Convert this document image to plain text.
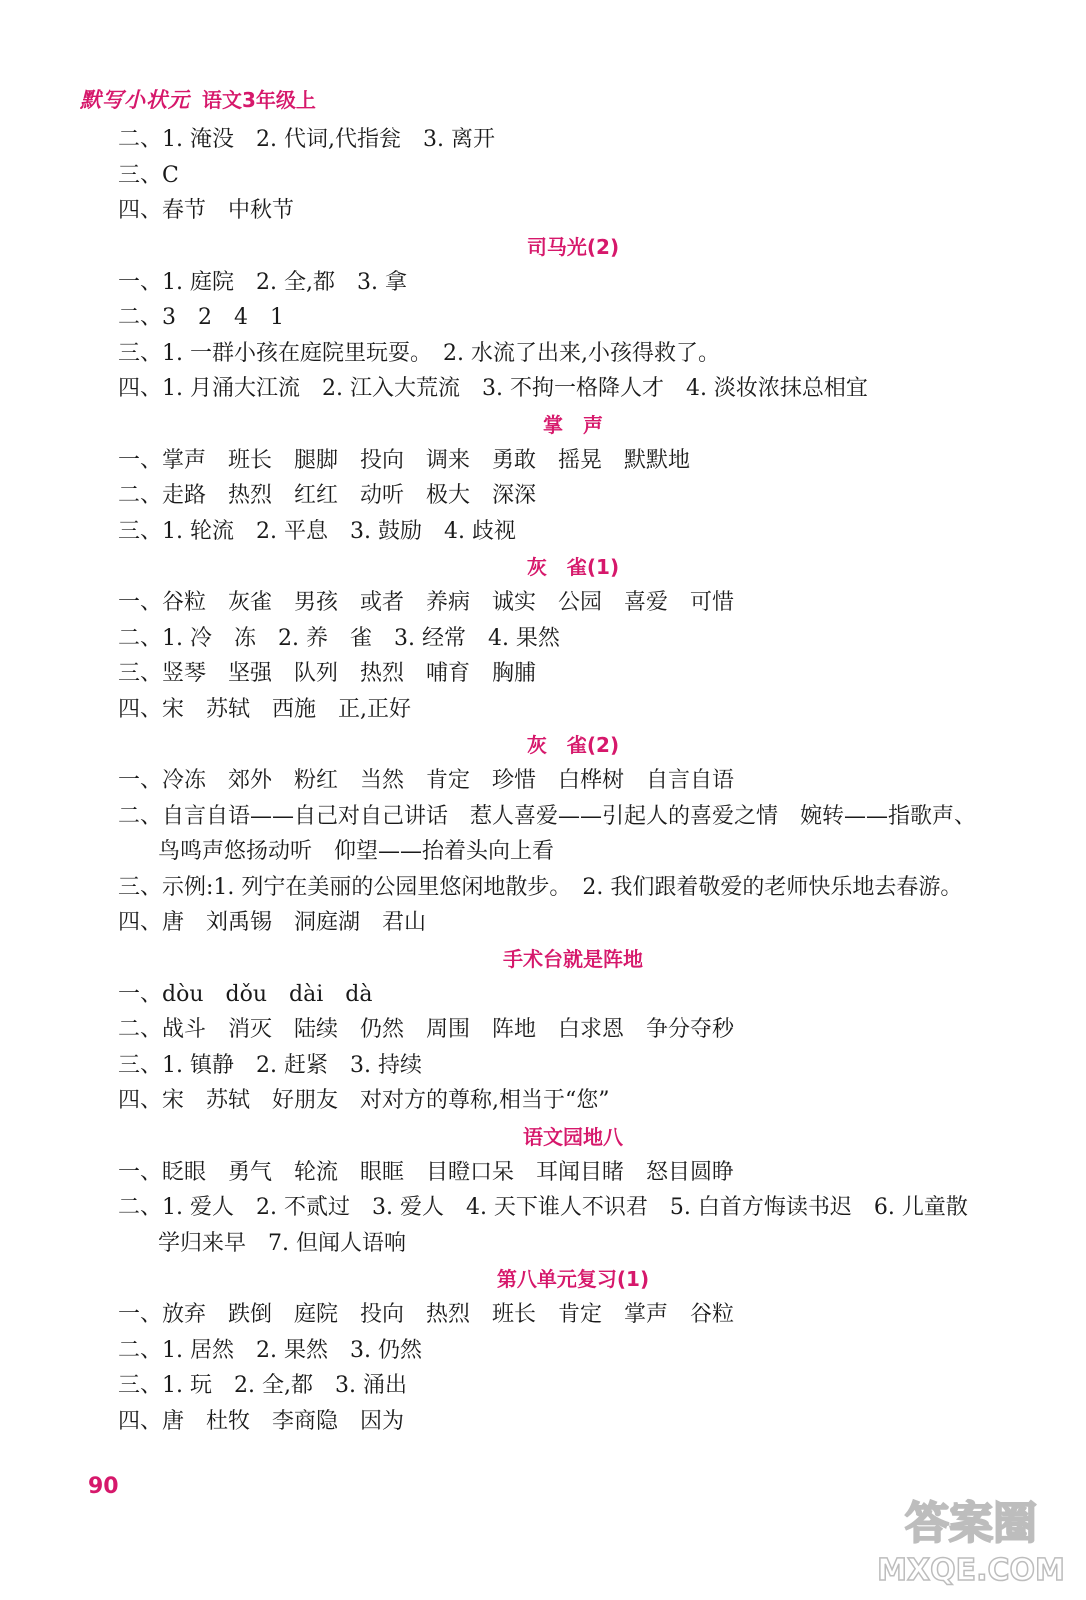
默写小状元 语文3年级上
二、1. 淹没　2. 代词,代指瓮　3. 离开
三、C
四、春节　中秋节
司马光(2)
一、1. 庭院　2. 全,都　3. 拿
二、3　2　4　1
三、1. 一群小孩在庭院里玩耍。　2. 水流了出来,小孩得救了。
四、1. 月涌大江流　2. 江入大荒流　3. 不拘一格降人才　4. 淡妆浓抹总相宜
掌　声
一、掌声　班长　腿脚　投向　调来　勇敢　摇晃　默默地
二、走路　热烈　红红　动听　极大　深深
三、1. 轮流　2. 平息　3. 鼓励　4. 歧视
灰　雀(1)
一、谷粒　灰雀　男孩　或者　养病　诚实　公园　喜爱　可惜
二、1. 冷　冻　2. 养　雀　3. 经常　4. 果然
三、竖琴　坚强　队列　热烈　哺育　胸脯
四、宋　苏轼　西施　正,正好
灰　雀(2)
一、冷冻　郊外　粉红　当然　肯定　珍惜　白桦树　自言自语
二、自言自语——自己对自己讲话　惹人喜爱——引起人的喜爱之情　婉转——指歌声、
鸟鸣声悠扬动听　仰望——抬着头向上看
三、示例:1. 列宁在美丽的公园里悠闲地散步。　2. 我们跟着敬爱的老师快乐地去春游。
四、唐　刘禹锡　洞庭湖　君山
手术台就是阵地
一、dòu　dǒu　dài　dà
二、战斗　消灭　陆续　仍然　周围　阵地　白求恩　争分夺秒
三、1. 镇静　2. 赶紧　3. 持续
四、宋　苏轼　好朋友　对对方的尊称,相当于“您”
语文园地八
一、眨眼　勇气　轮流　眼眶　目瞪口呆　耳闻目睹　怒目圆睁
二、1. 爱人　2. 不贰过　3. 爱人　4. 天下谁人不识君　5. 白首方悔读书迟　6. 儿童散
学归来早　7. 但闻人语响
第八单元复习(1)
一、放弃　跌倒　庭院　投向　热烈　班长　肯定　掌声　谷粒
二、1. 居然　2. 果然　3. 仍然
三、1. 玩　2. 全,都　3. 涌出
四、唐　杜牧　李商隐　因为
90
答案圈
MXQE.COM
